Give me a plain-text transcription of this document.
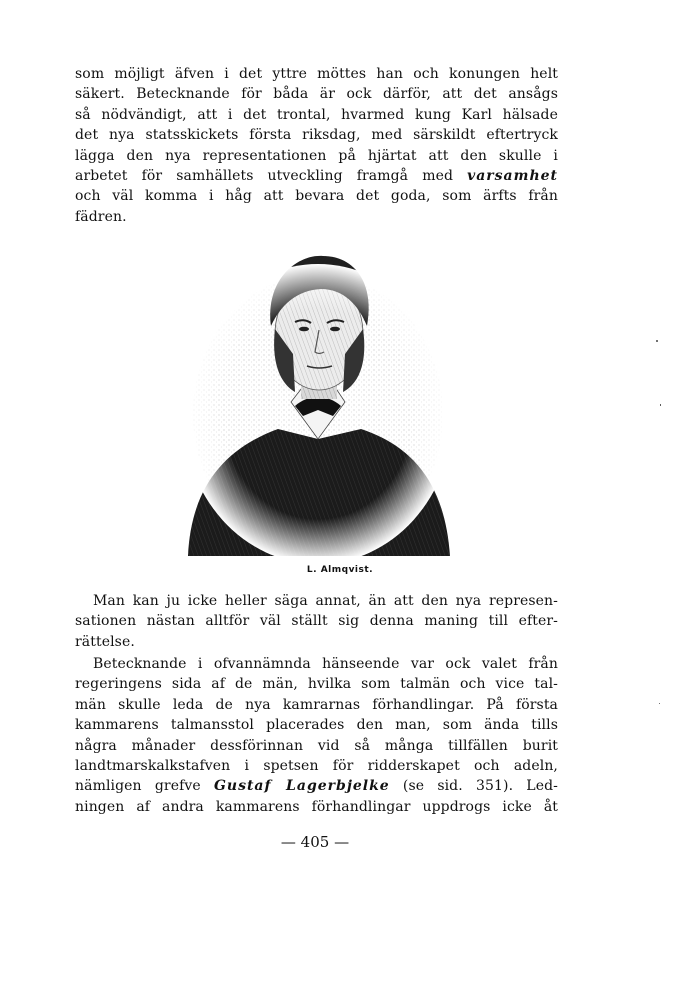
som möjligt äfven i det yttre möttes han och konungen helt
säkert. Betecknande för båda är ock därför, att det ansågs
så nödvändigt, att i det trontal, hvarmed kung Karl hälsade
det nya statsskickets första riksdag, med särskildt eftertryck
lägga den nya representationen på hjärtat att den skulle i
arbetet för samhällets utveckling framgå med varsamhet
och väl komma i håg att bevara det goda, som ärfts från
fädren.
L. Almqvist.
Man kan ju icke heller säga annat, än att den nya represen-
sationen nästan alltför väl ställt sig denna maning till efter-
rättelse.
Betecknande i ofvannämnda hänseende var ock valet från
regeringens sida af de män, hvilka som talmän och vice tal-
män skulle leda de nya kamrarnas förhandlingar. På första
kammarens talmansstol placerades den man, som ända tills
några månader dessförinnan vid så många tillfällen burit
landtmarskalkstafven i spetsen för ridderskapet och adeln,
nämligen grefve Gustaf Lagerbjelke (se sid. 351). Led-
ningen af andra kammarens förhandlingar uppdrogs icke åt
— 405 —
